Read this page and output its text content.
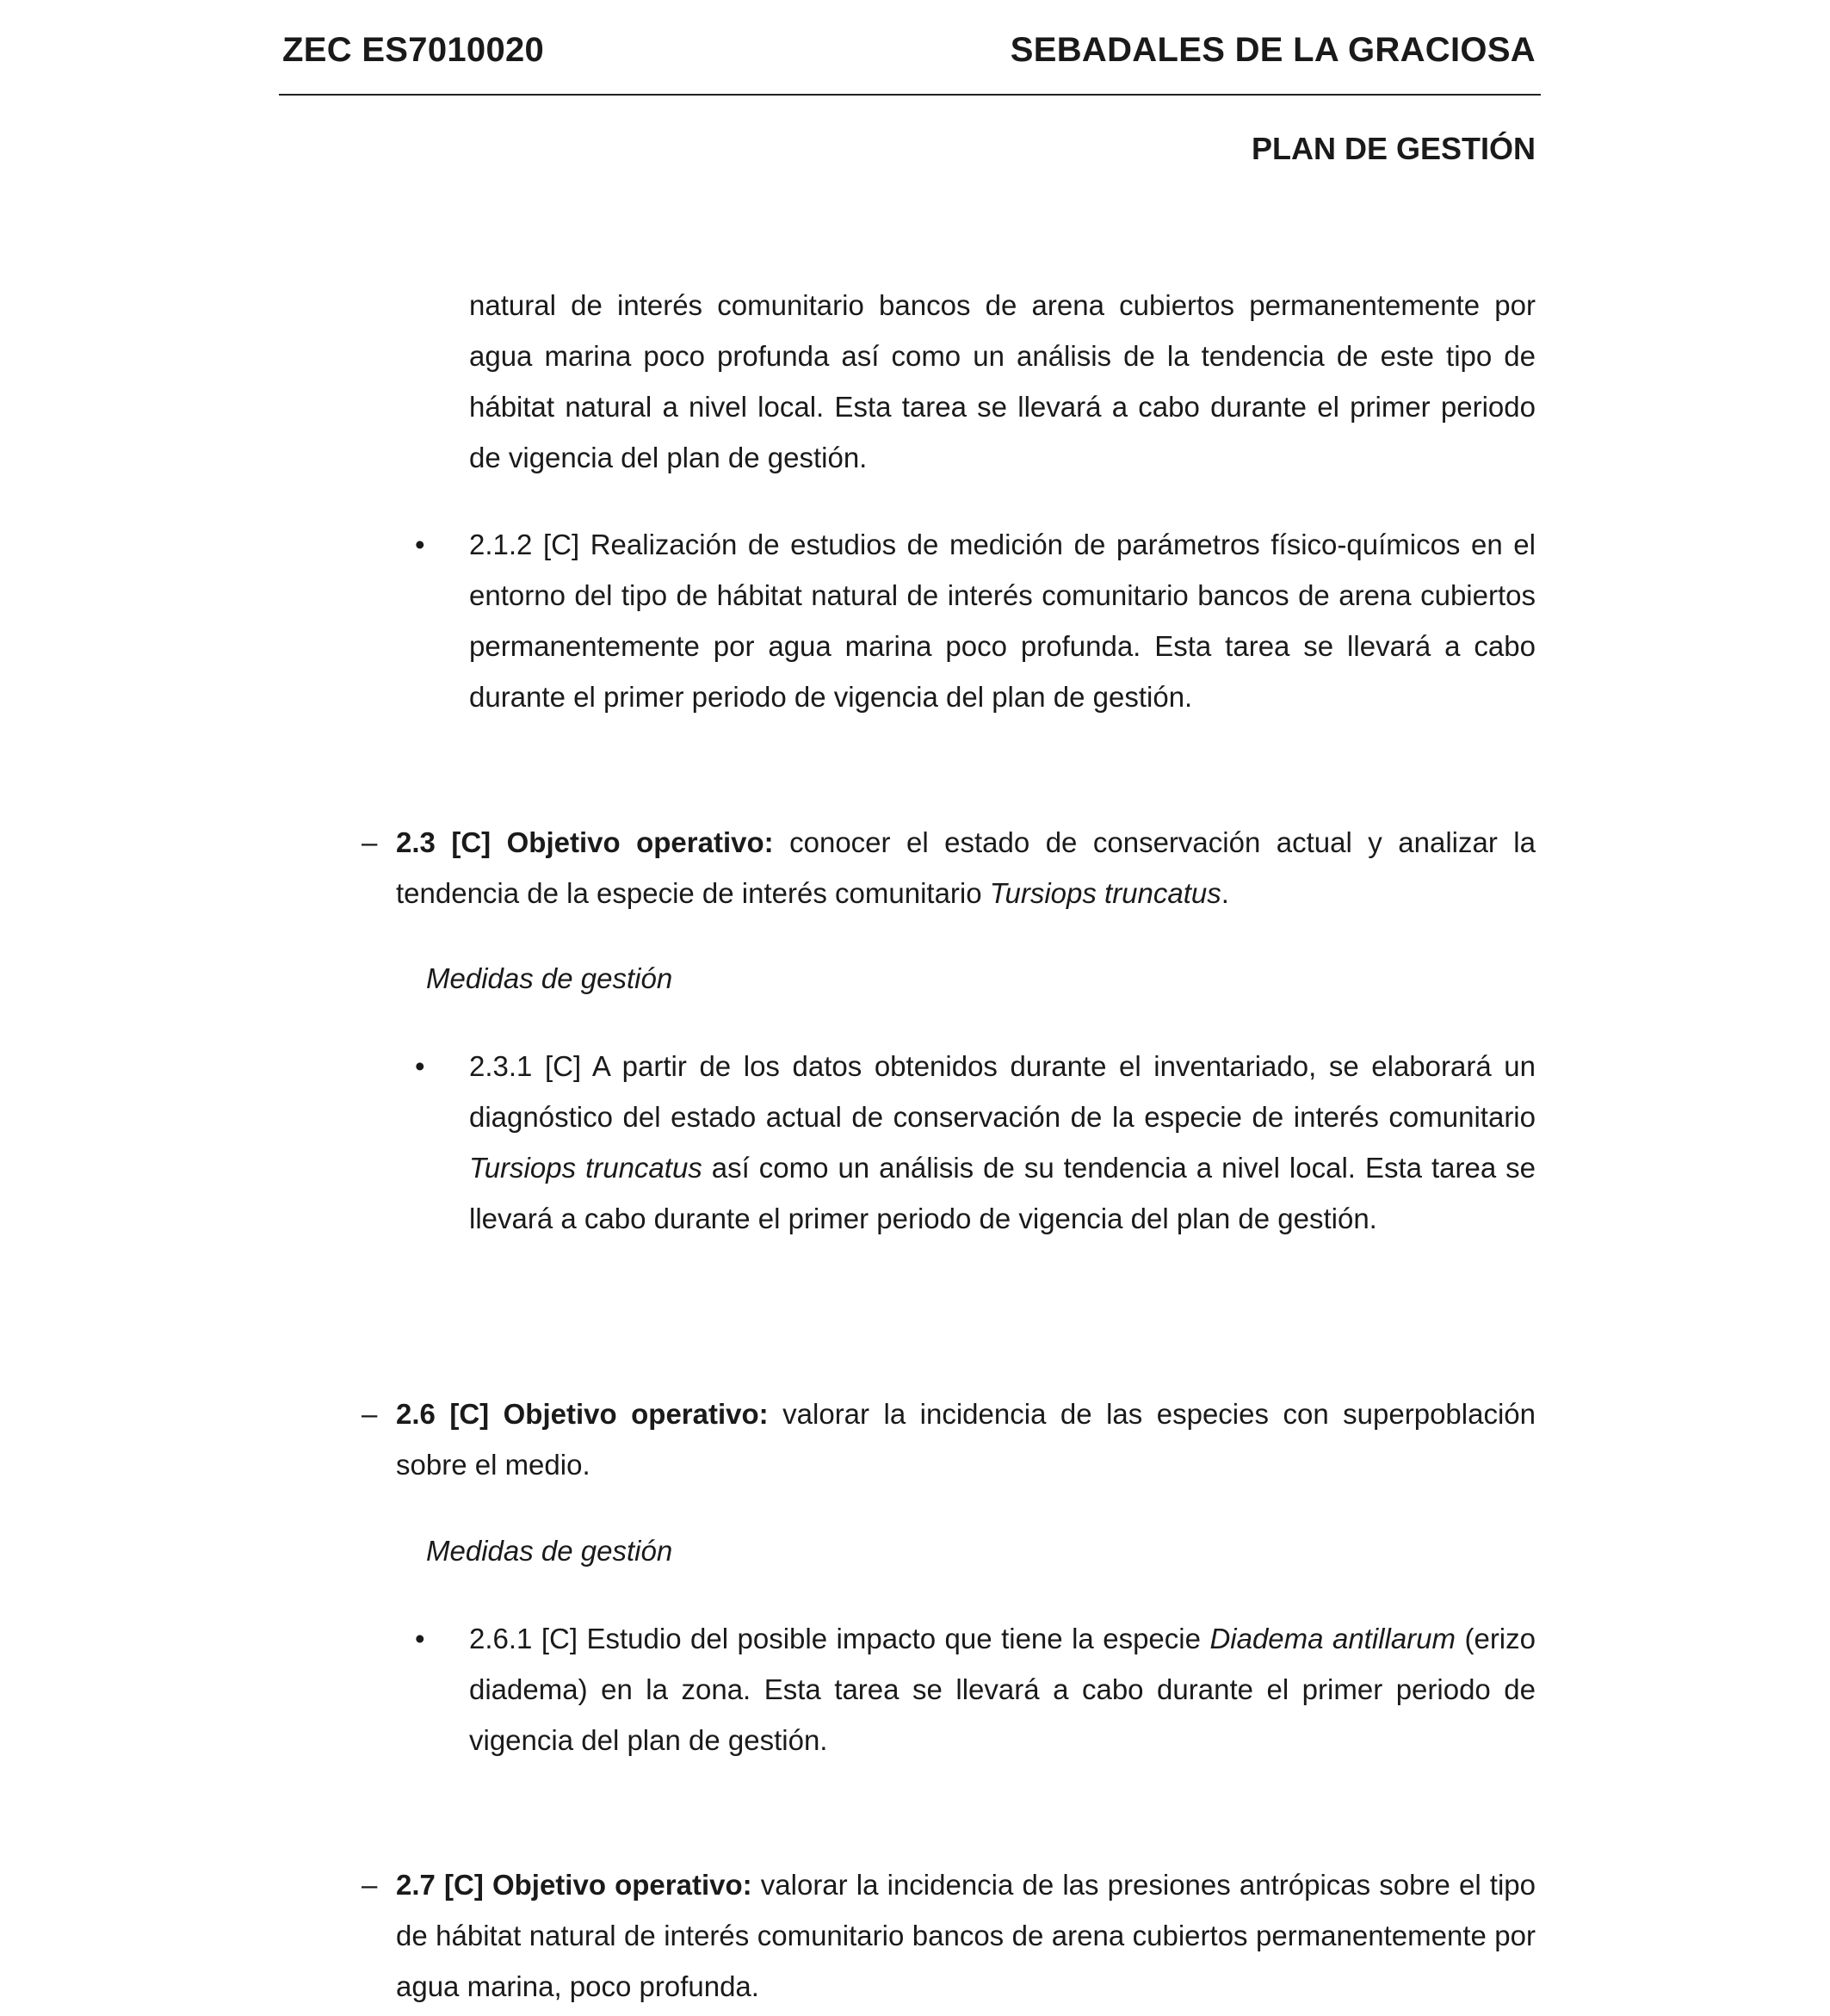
ZEC ES7010020	SEBADALES DE LA GRACIOSA
PLAN DE GESTIÓN

natural de interés comunitario bancos de arena cubiertos permanentemente por agua marina poco profunda así como un análisis de la tendencia de este tipo de hábitat natural a nivel local. Esta tarea se llevará a cabo durante el primer periodo de vigencia del plan de gestión.

• 2.1.2 [C] Realización de estudios de medición de parámetros físico-químicos en el entorno del tipo de hábitat natural de interés comunitario bancos de arena cubiertos permanentemente por agua marina poco profunda. Esta tarea se llevará a cabo durante el primer periodo de vigencia del plan de gestión.

– 2.3 [C] Objetivo operativo: conocer el estado de conservación actual y analizar la tendencia de la especie de interés comunitario Tursiops truncatus.

Medidas de gestión
• 2.3.1 [C] A partir de los datos obtenidos durante el inventariado, se elaborará un diagnóstico del estado actual de conservación de la especie de interés comunitario Tursiops truncatus así como un análisis de su tendencia a nivel local. Esta tarea se llevará a cabo durante el primer periodo de vigencia del plan de gestión.

– 2.6 [C] Objetivo operativo: valorar la incidencia de las especies con superpoblación sobre el medio.

Medidas de gestión
• 2.6.1 [C] Estudio del posible impacto que tiene la especie Diadema antillarum (erizo diadema) en la zona. Esta tarea se llevará a cabo durante el primer periodo de vigencia del plan de gestión.

– 2.7 [C] Objetivo operativo: valorar la incidencia de las presiones antrópicas sobre el tipo de hábitat natural de interés comunitario bancos de arena cubiertos permanentemente por agua marina, poco profunda.
